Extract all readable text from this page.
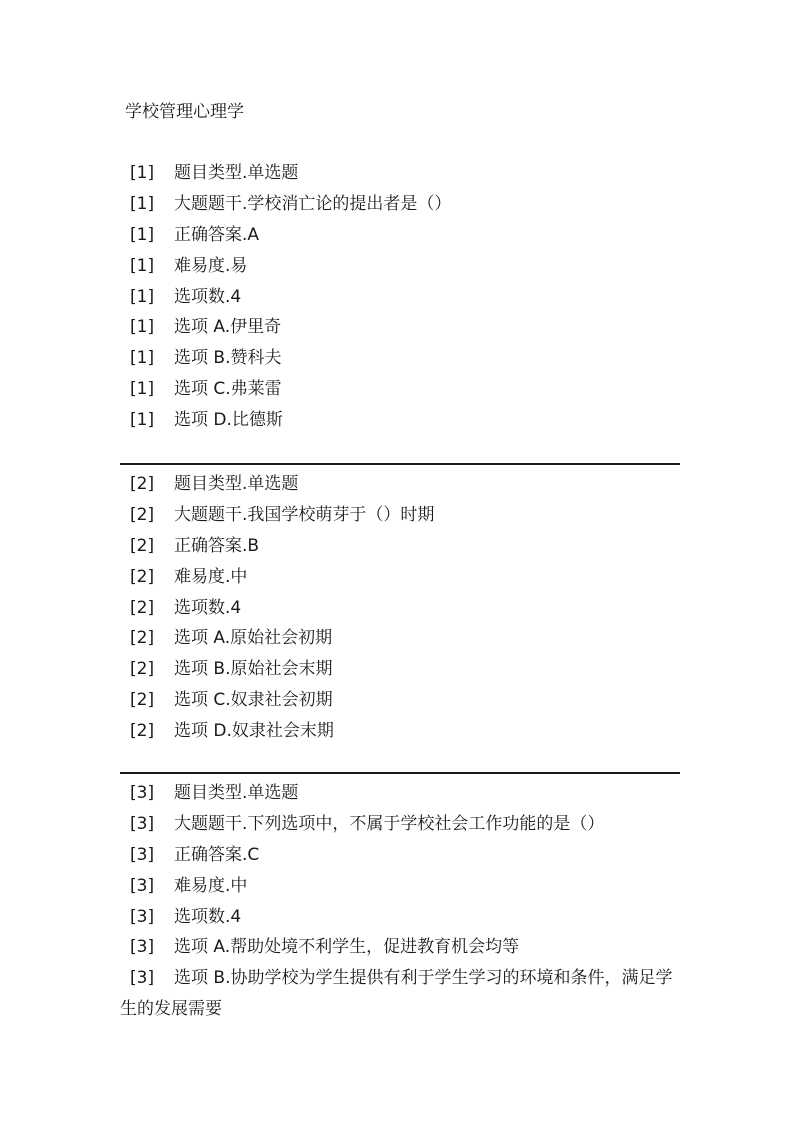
学校管理心理学
[1] 题目类型.单选题
[1] 大题题干.学校消亡论的提出者是（）
[1] 正确答案.A
[1] 难易度.易
[1] 选项数.4
[1] 选项 A.伊里奇
[1] 选项 B.赞科夫
[1] 选项 C.弗莱雷
[1] 选项 D.比德斯
[2] 题目类型.单选题
[2] 大题题干.我国学校萌芽于（）时期
[2] 正确答案.B
[2] 难易度.中
[2] 选项数.4
[2] 选项 A.原始社会初期
[2] 选项 B.原始社会末期
[2] 选项 C.奴隶社会初期
[2] 选项 D.奴隶社会末期
[3] 题目类型.单选题
[3] 大题题干.下列选项中，不属于学校社会工作功能的是（）
[3] 正确答案.C
[3] 难易度.中
[3] 选项数.4
[3] 选项 A.帮助处境不利学生，促进教育机会均等
[3] 选项 B.协助学校为学生提供有利于学生学习的环境和条件，满足学生的发展需要
